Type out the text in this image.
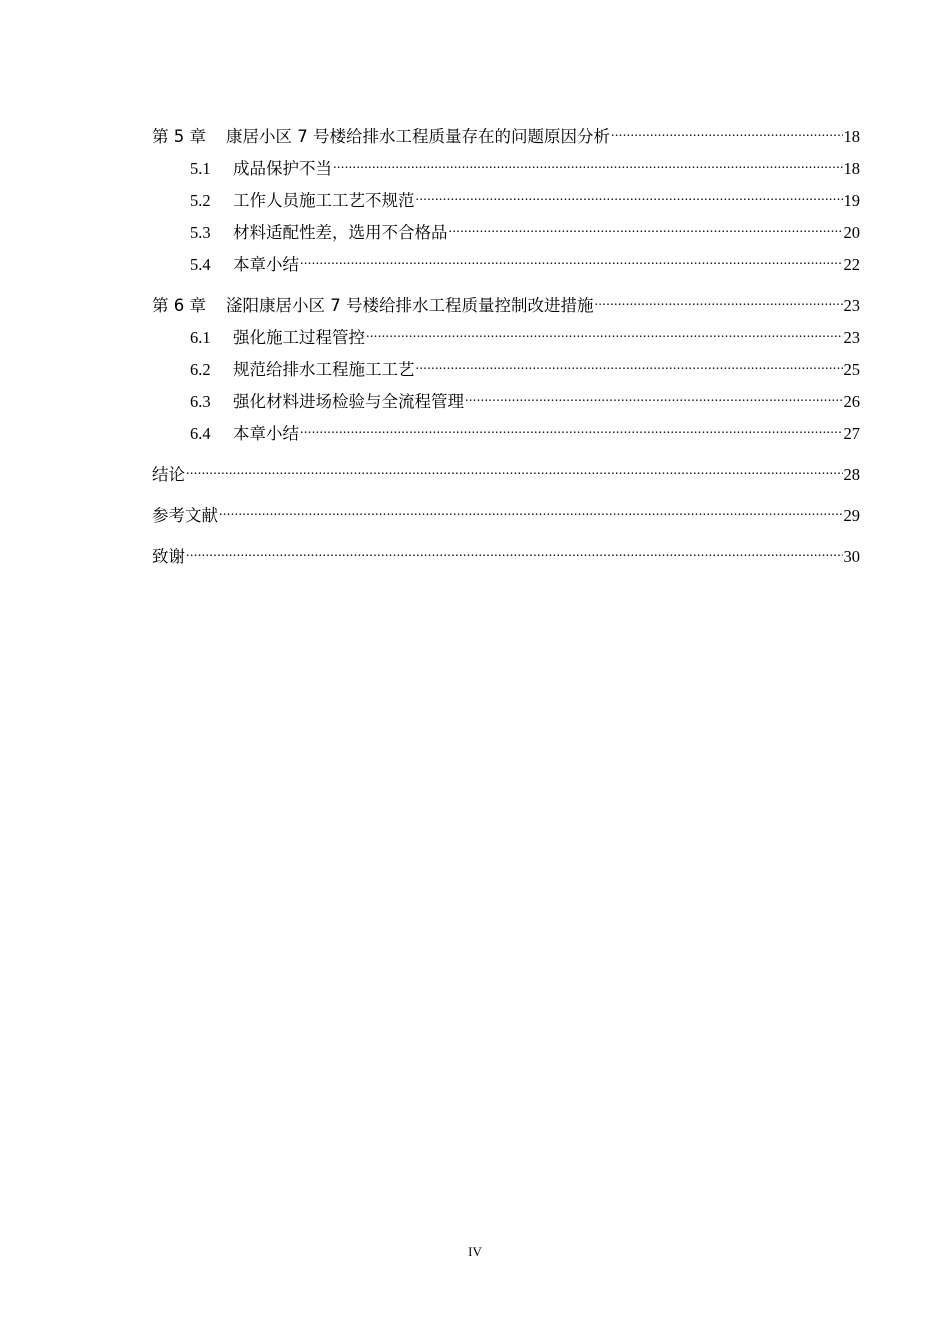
第 5 章 康居小区 7 号楼给排水工程质量存在的问题原因分析 .....	18
5.1	成品保护不当 .....	18
5.2	工作人员施工工艺不规范 .....	19
5.3	材料适配性差，选用不合格品 .....	20
5.4	本章小结 .....	22
第 6 章 滏阳康居小区 7 号楼给排水工程质量控制改进措施 .....	23
6.1	强化施工过程管控 .....	23
6.2	规范给排水工程施工工艺 .....	25
6.3	强化材料进场检验与全流程管理 .....	26
6.4	本章小结 .....	27
结论 .....	28
参考文献 .....	29
致谢 .....	30
IV
